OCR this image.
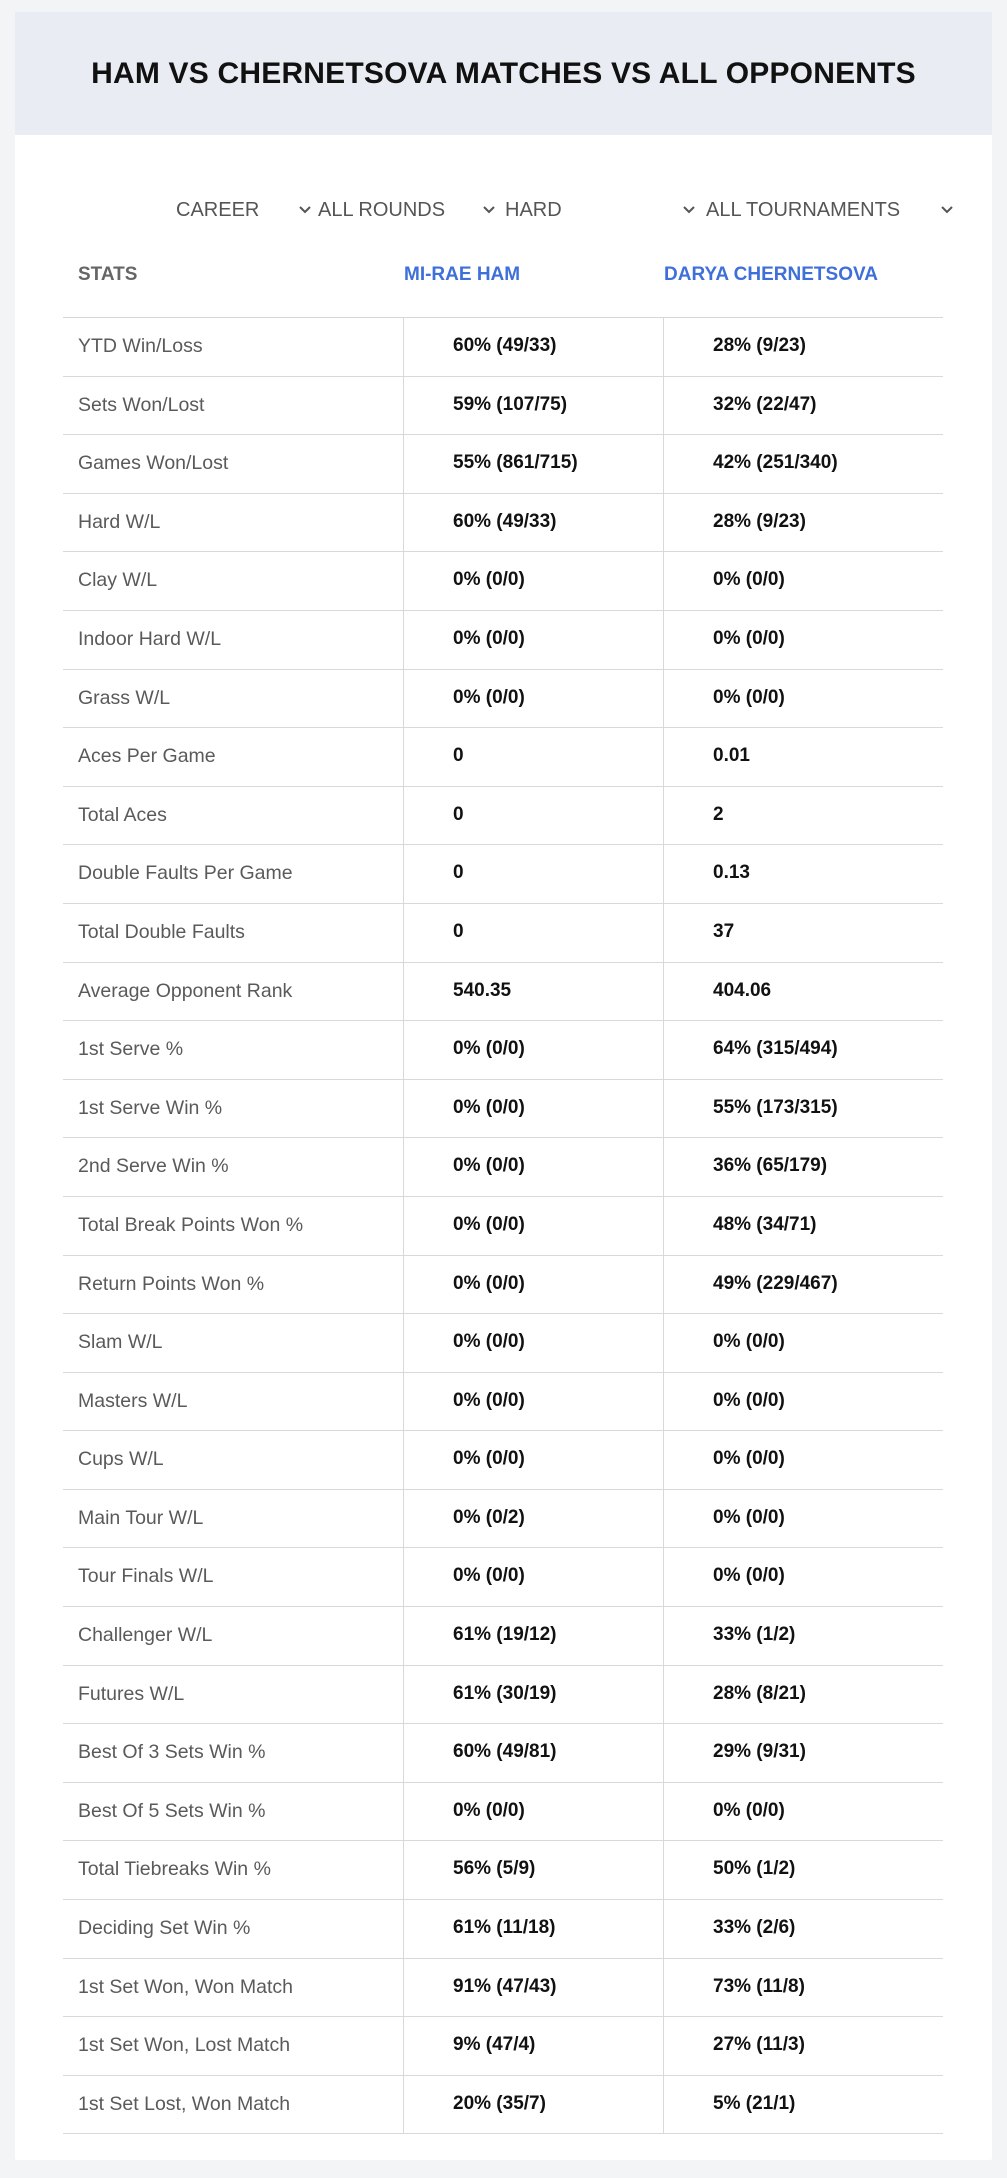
HAM VS CHERNETSOVA MATCHES VS ALL OPPONENTS
CAREER	ALL ROUNDS	HARD	ALL TOURNAMENTS
STATS	MI-RAE HAM	DARYA CHERNETSOVA
YTD Win/Loss	60% (49/33)	28% (9/23)
Sets Won/Lost	59% (107/75)	32% (22/47)
Games Won/Lost	55% (861/715)	42% (251/340)
Hard W/L	60% (49/33)	28% (9/23)
Clay W/L	0% (0/0)	0% (0/0)
Indoor Hard W/L	0% (0/0)	0% (0/0)
Grass W/L	0% (0/0)	0% (0/0)
Aces Per Game	0	0.01
Total Aces	0	2
Double Faults Per Game	0	0.13
Total Double Faults	0	37
Average Opponent Rank	540.35	404.06
1st Serve %	0% (0/0)	64% (315/494)
1st Serve Win %	0% (0/0)	55% (173/315)
2nd Serve Win %	0% (0/0)	36% (65/179)
Total Break Points Won %	0% (0/0)	48% (34/71)
Return Points Won %	0% (0/0)	49% (229/467)
Slam W/L	0% (0/0)	0% (0/0)
Masters W/L	0% (0/0)	0% (0/0)
Cups W/L	0% (0/0)	0% (0/0)
Main Tour W/L	0% (0/2)	0% (0/0)
Tour Finals W/L	0% (0/0)	0% (0/0)
Challenger W/L	61% (19/12)	33% (1/2)
Futures W/L	61% (30/19)	28% (8/21)
Best Of 3 Sets Win %	60% (49/81)	29% (9/31)
Best Of 5 Sets Win %	0% (0/0)	0% (0/0)
Total Tiebreaks Win %	56% (5/9)	50% (1/2)
Deciding Set Win %	61% (11/18)	33% (2/6)
1st Set Won, Won Match	91% (47/43)	73% (11/8)
1st Set Won, Lost Match	9% (47/4)	27% (11/3)
1st Set Lost, Won Match	20% (35/7)	5% (21/1)
